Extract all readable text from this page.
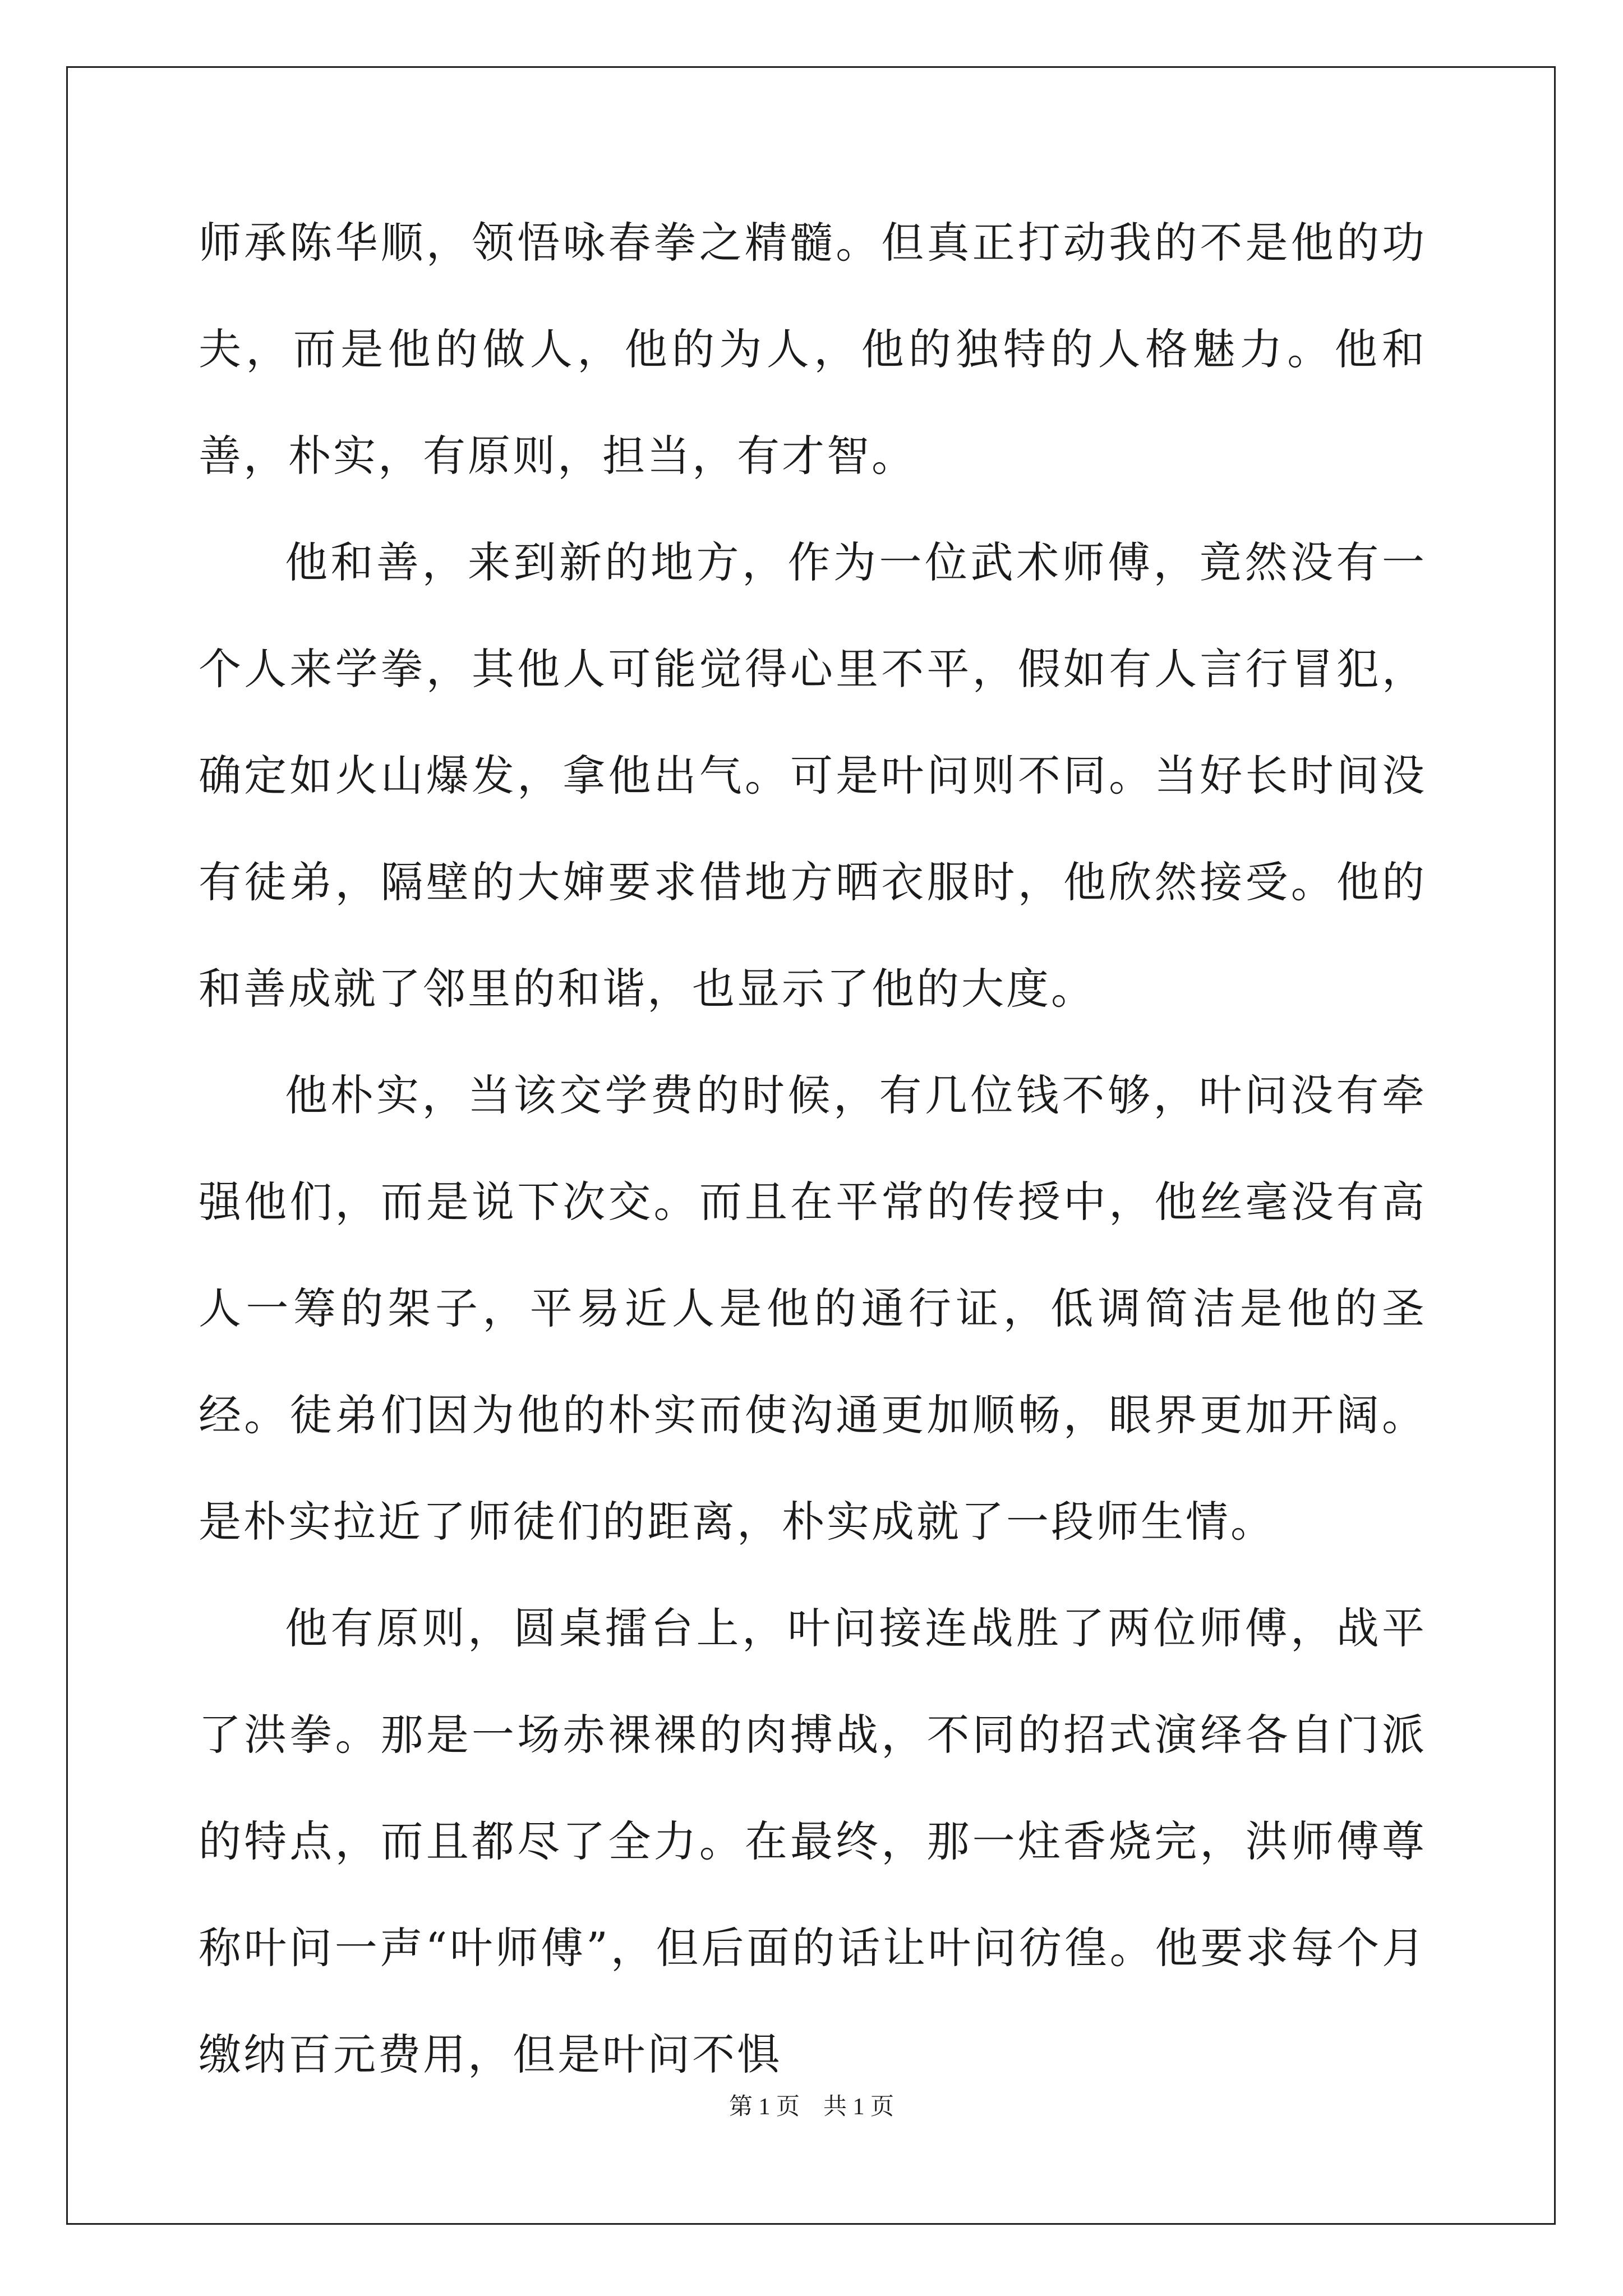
师承陈华顺，领悟咏春拳之精髓。但真正打动我的不是他的功夫，而是他的做人，他的为人，他的独特的人格魅力。他和善，朴实，有原则，担当，有才智。

他和善，来到新的地方，作为一位武术师傅，竟然没有一个人来学拳，其他人可能觉得心里不平，假如有人言行冒犯，确定如火山爆发，拿他出气。可是叶问则不同。当好长时间没有徒弟，隔壁的大婶要求借地方晒衣服时，他欣然接受。他的和善成就了邻里的和谐，也显示了他的大度。

他朴实，当该交学费的时候，有几位钱不够，叶问没有牵强他们，而是说下次交。而且在平常的传授中，他丝毫没有高人一筹的架子，平易近人是他的通行证，低调简洁是他的圣经。徒弟们因为他的朴实而使沟通更加顺畅，眼界更加开阔。是朴实拉近了师徒们的距离，朴实成就了一段师生情。

他有原则，圆桌擂台上，叶问接连战胜了两位师傅，战平了洪拳。那是一场赤裸裸的肉搏战，不同的招式演绎各自门派的特点，而且都尽了全力。在最终，那一炷香烧完，洪师傅尊称叶问一声“叶师傅”，但后面的话让叶问彷徨。他要求每个月缴纳百元费用，但是叶问不惧

第 1 页    共 1 页
